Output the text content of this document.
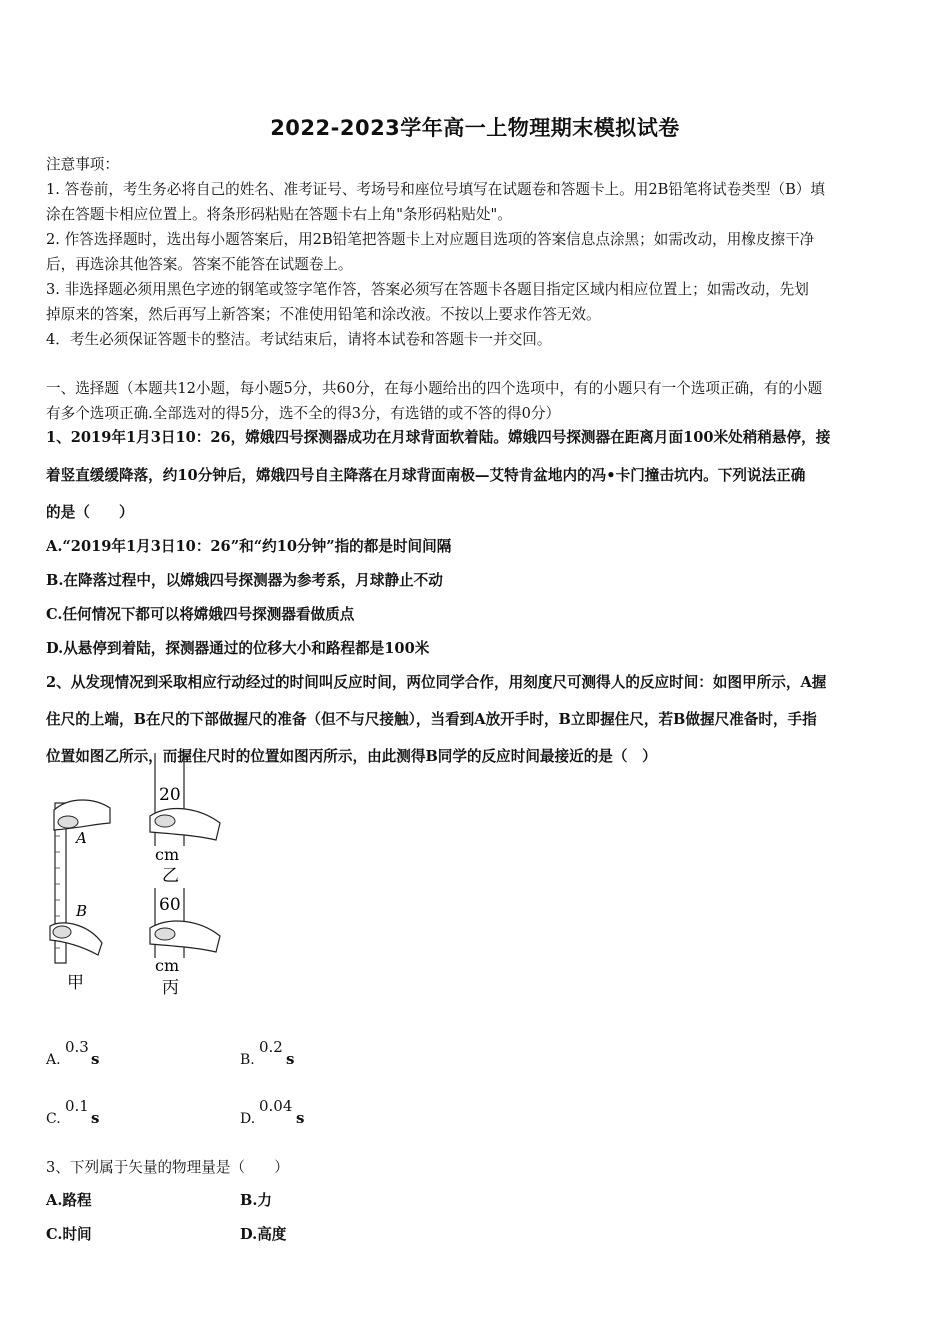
2022-2023学年高一上物理期末模拟试卷
注意事项：
1. 答卷前，考生务必将自己的姓名、准考证号、考场号和座位号填写在试题卷和答题卡上。用2B铅笔将试卷类型（B）填
涂在答题卡相应位置上。将条形码粘贴在答题卡右上角"条形码粘贴处"。
2. 作答选择题时，选出每小题答案后，用2B铅笔把答题卡上对应题目选项的答案信息点涂黑；如需改动，用橡皮擦干净
后，再选涂其他答案。答案不能答在试题卷上。
3. 非选择题必须用黑色字迹的钢笔或签字笔作答，答案必须写在答题卡各题目指定区域内相应位置上；如需改动，先划
掉原来的答案，然后再写上新答案；不准使用铅笔和涂改液。不按以上要求作答无效。
4．考生必须保证答题卡的整洁。考试结束后，请将本试卷和答题卡一并交回。
一、选择题（本题共12小题，每小题5分，共60分，在每小题给出的四个选项中，有的小题只有一个选项正确，有的小题
有多个选项正确.全部选对的得5分，选不全的得3分，有选错的或不答的得0分）
1、2019年1月3日10：26，嫦娥四号探测器成功在月球背面软着陆。嫦娥四号探测器在距离月面100米处稍稍悬停，接
着竖直缓缓降落，约10分钟后，嫦娥四号自主降落在月球背面南极—艾特肯盆地内的冯•卡门撞击坑内。下列说法正确
的是（　　）
A.“2019年1月3日10：26”和“约10分钟”指的都是时间间隔
B.在降落过程中，以嫦娥四号探测器为参考系，月球静止不动
C.任何情况下都可以将嫦娥四号探测器看做质点
D.从悬停到着陆，探测器通过的位移大小和路程都是100米
2、从发现情况到采取相应行动经过的时间叫反应时间，两位同学合作，用刻度尺可测得人的反应时间：如图甲所示，A握
住尺的上端，B在尺的下部做握尺的准备（但不与尺接触），当看到A放开手时，B立即握住尺，若B做握尺准备时，手指
位置如图乙所示，而握住尺时的位置如图丙所示，由此测得B同学的反应时间最接近的是（　）
A
B
甲
20
cm
乙
60
cm
丙
A.
0.3
s	B.
0.2
s
C.
0.1
s	D.
0.04
s
3、下列属于矢量的物理量是（　　）
A.路程	B.力
C.时间	D.高度
